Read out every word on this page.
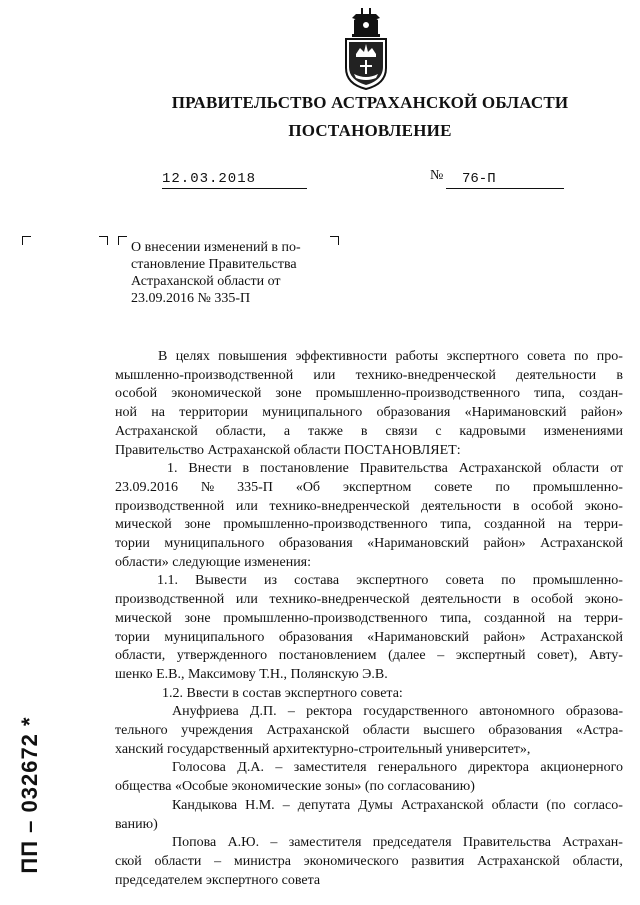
ПРАВИТЕЛЬСТВО АСТРАХАНСКОЙ ОБЛАСТИ
ПОСТАНОВЛЕНИЕ
12.03.2018	№	76-П
О внесении изменений в по-
становление Правительства
Астраханской области от
23.09.2016 № 335-П
В целях повышения эффективности работы экспертного совета по про-
мышленно-производственной или технико-внедренческой деятельности в
особой экономической зоне промышленно-производственного типа, создан-
ной на территории муниципального образования «Наримановский район»
Астраханской области, а также в связи с кадровыми изменениями
Правительство Астраханской области ПОСТАНОВЛЯЕТ:
1. Внести в постановление Правительства Астраханской области от
23.09.2016 № 335-П «Об экспертном совете по промышленно-
производственной или технико-внедренческой деятельности в особой эконо-
мической зоне промышленно-производственного типа, созданной на терри-
тории муниципального образования «Наримановский район» Астраханской
области» следующие изменения:
1.1. Вывести из состава экспертного совета по промышленно-
производственной или технико-внедренческой деятельности в особой эконо-
мической зоне промышленно-производственного типа, созданной на терри-
тории муниципального образования «Наримановский район» Астраханской
области, утвержденного постановлением (далее – экспертный совет), Авту-
шенко Е.В., Максимову Т.Н., Полянскую Э.В.
1.2. Ввести в состав экспертного совета:
Ануфриева Д.П. – ректора государственного автономного образова-
тельного учреждения Астраханской области высшего образования «Астра-
ханский государственный архитектурно-строительный университет»,
Голосова Д.А. – заместителя генерального директора акционерного
общества «Особые экономические зоны» (по согласованию)
Кандыкова Н.М. – депутата Думы Астраханской области (по согласо-
ванию)
Попова А.Ю. – заместителя председателя Правительства Астрахан-
ской области – министра экономического развития Астраханской области,
председателем экспертного совета
ПП – 032672 *
